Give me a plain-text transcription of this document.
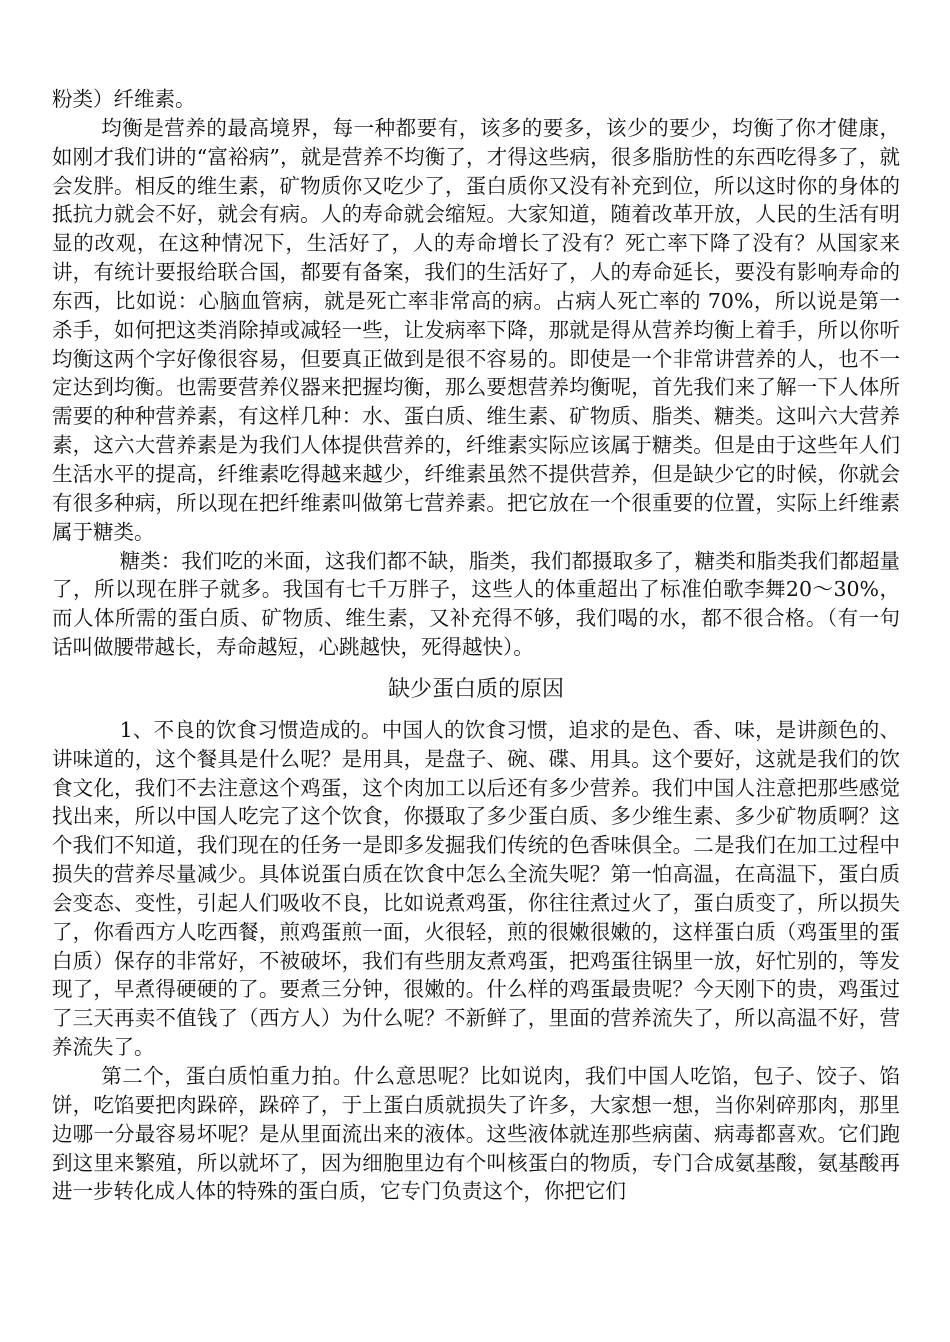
粉类）纤维素。

均衡是营养的最高境界，每一种都要有，该多的要多，该少的要少，均衡了你才健康，如刚才我们讲的“富裕病”，就是营养不均衡了，才得这些病，很多脂肪性的东西吃得多了，就会发胖。相反的维生素，矿物质你又吃少了，蛋白质你又没有补充到位，所以这时你的身体的抵抗力就会不好，就会有病。人的寿命就会缩短。大家知道，随着改革开放，人民的生活有明显的改观，在这种情况下，生活好了，人的寿命增长了没有？死亡率下降了没有？从国家来讲，有统计要报给联合国，都要有备案，我们的生活好了，人的寿命延长，要没有影响寿命的东西，比如说：心脑血管病，就是死亡率非常高的病。占病人死亡率的 70%，所以说是第一杀手，如何把这类消除掉或减轻一些，让发病率下降，那就是得从营养均衡上着手，所以你听均衡这两个字好像很容易，但要真正做到是很不容易的。即使是一个非常讲营养的人，也不一定达到均衡。也需要营养仪器来把握均衡，那么要想营养均衡呢，首先我们来了解一下人体所需要的种种营养素，有这样几种：水、蛋白质、维生素、矿物质、脂类、糖类。这叫六大营养素，这六大营养素是为我们人体提供营养的，纤维素实际应该属于糖类。但是由于这些年人们生活水平的提高，纤维素吃得越来越少，纤维素虽然不提供营养，但是缺少它的时候，你就会有很多种病，所以现在把纤维素叫做第七营养素。把它放在一个很重要的位置，实际上纤维素属于糖类。

糖类：我们吃的米面，这我们都不缺，脂类，我们都摄取多了，糖类和脂类我们都超量了，所以现在胖子就多。我国有七千万胖子，这些人的体重超出了标准伯歌李舞20～30%，而人体所需的蛋白质、矿物质、维生素，又补充得不够，我们喝的水，都不很合格。（有一句话叫做腰带越长，寿命越短，心跳越快，死得越快）。

缺少蛋白质的原因

1、不良的饮食习惯造成的。中国人的饮食习惯，追求的是色、香、味，是讲颜色的、讲味道的，这个餐具是什么呢？是用具，是盘子、碗、碟、用具。这个要好，这就是我们的饮食文化，我们不去注意这个鸡蛋，这个肉加工以后还有多少营养。我们中国人注意把那些感觉找出来，所以中国人吃完了这个饮食，你摄取了多少蛋白质、多少维生素、多少矿物质啊？这个我们不知道，我们现在的任务一是即多发掘我们传统的色香味俱全。二是我们在加工过程中损失的营养尽量减少。具体说蛋白质在饮食中怎么全流失呢？第一怕高温，在高温下，蛋白质会变态、变性，引起人们吸收不良，比如说煮鸡蛋，你往往煮过火了，蛋白质变了，所以损失了，你看西方人吃西餐，煎鸡蛋煎一面，火很轻，煎的很嫩很嫩的，这样蛋白质（鸡蛋里的蛋白质）保存的非常好，不被破坏，我们有些朋友煮鸡蛋，把鸡蛋往锅里一放，好忙别的，等发现了，早煮得硬硬的了。要煮三分钟，很嫩的。什么样的鸡蛋最贵呢？今天刚下的贵，鸡蛋过了三天再卖不值钱了（西方人）为什么呢？不新鲜了，里面的营养流失了，所以高温不好，营养流失了。

第二个，蛋白质怕重力拍。什么意思呢？比如说肉，我们中国人吃馅，包子、饺子、馅饼，吃馅要把肉跺碎，跺碎了，于上蛋白质就损失了许多，大家想一想，当你剁碎那肉，那里边哪一分最容易坏呢？是从里面流出来的液体。这些液体就连那些病菌、病毒都喜欢。它们跑到这里来繁殖，所以就坏了，因为细胞里边有个叫核蛋白的物质，专门合成氨基酸，氨基酸再进一步转化成人体的特殊的蛋白质，它专门负责这个，你把它们
